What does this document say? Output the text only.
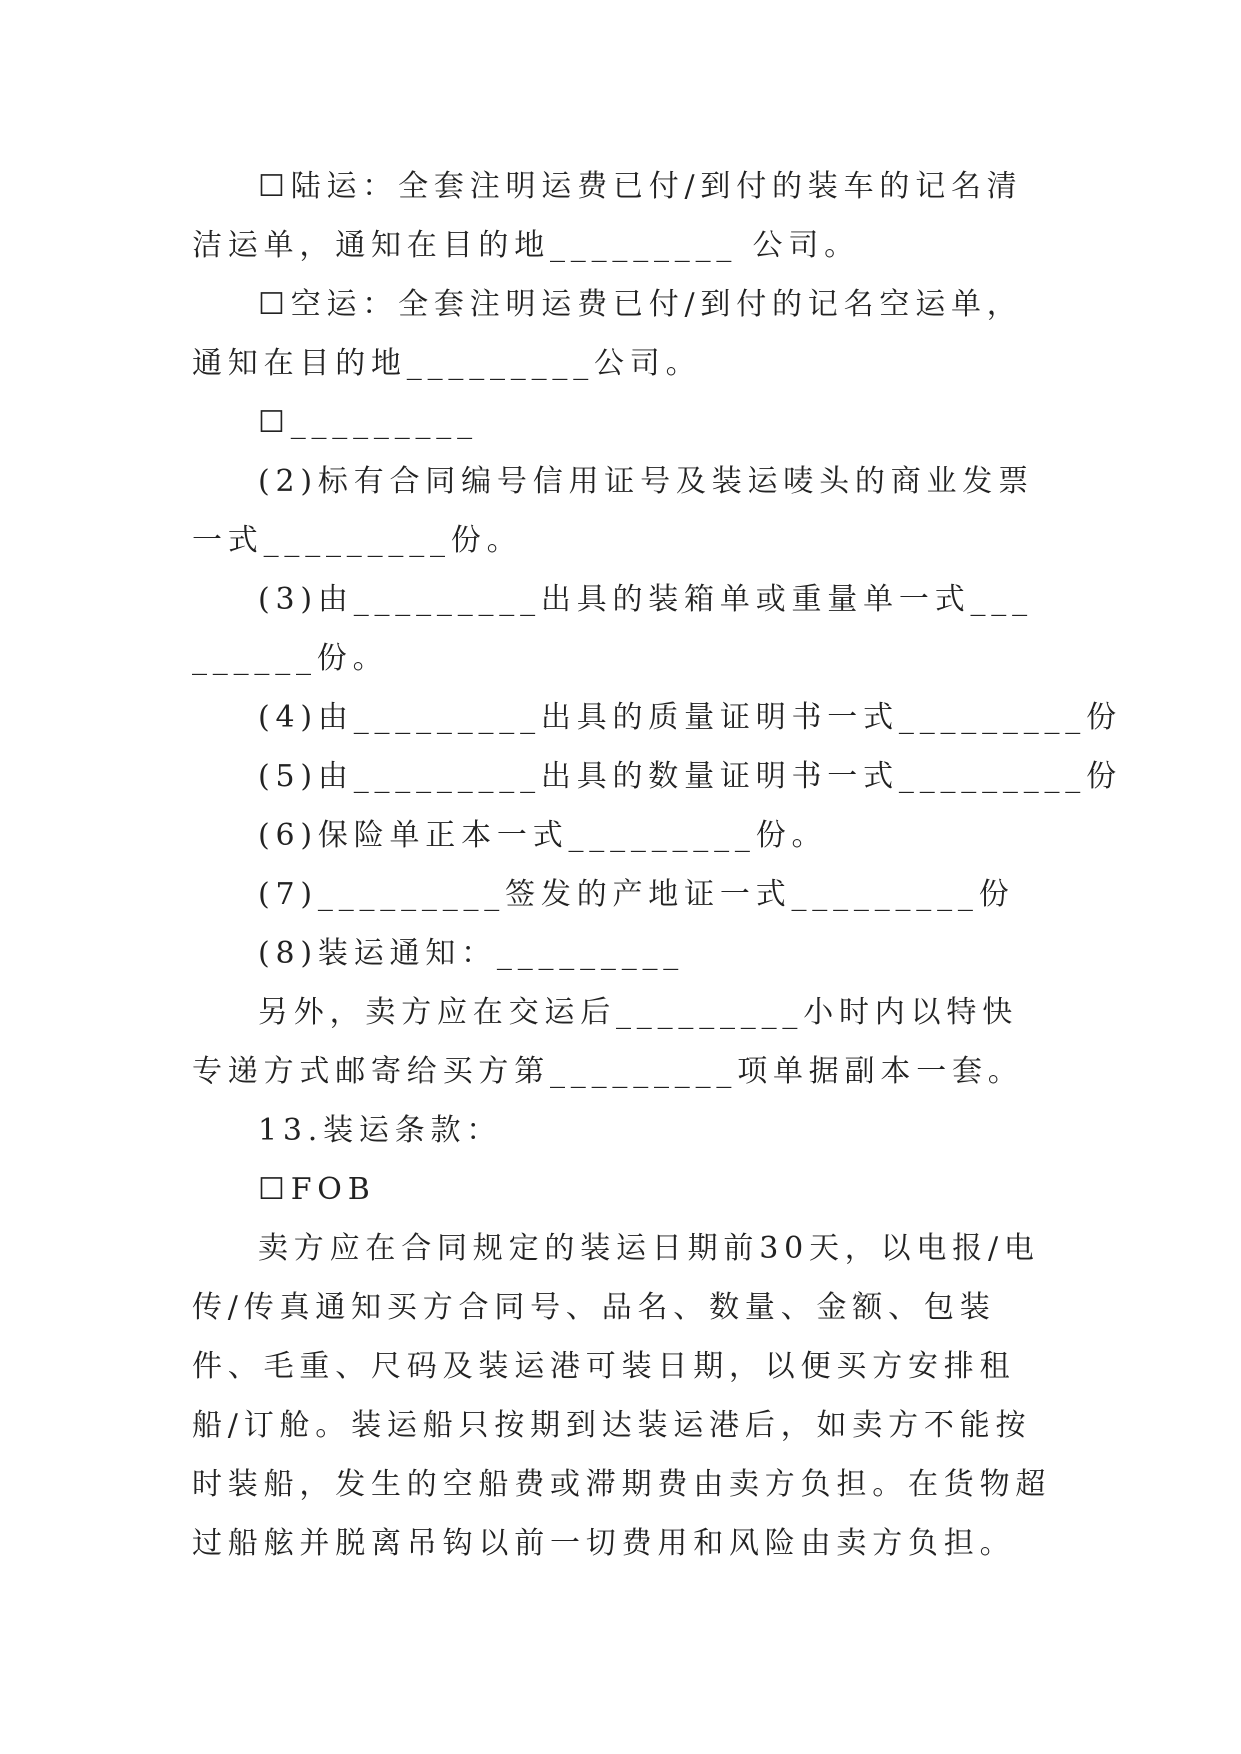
☐陆运：全套注明运费已付/到付的装车的记名清洁运单，通知在目的地_________ 公司。

☐空运：全套注明运费已付/到付的记名空运单，通知在目的地_________公司。

☐_________

(2)标有合同编号信用证号及装运唛头的商业发票一式_________份。

(3)由_________出具的装箱单或重量单一式_________份。

(4)由_________出具的质量证明书一式_________份

(5)由_________出具的数量证明书一式_________份

(6)保险单正本一式_________份。

(7)_________签发的产地证一式_________份

(8)装运通知：_________

另外，卖方应在交运后_________小时内以特快专递方式邮寄给买方第_________项单据副本一套。

13.装运条款：

☐FOB

卖方应在合同规定的装运日期前30天，以电报/电传/传真通知买方合同号、品名、数量、金额、包装件、毛重、尺码及装运港可装日期，以便买方安排租船/订舱。装运船只按期到达装运港后，如卖方不能按时装船，发生的空船费或滞期费由卖方负担。在货物超过船舷并脱离吊钩以前一切费用和风险由卖方负担。
